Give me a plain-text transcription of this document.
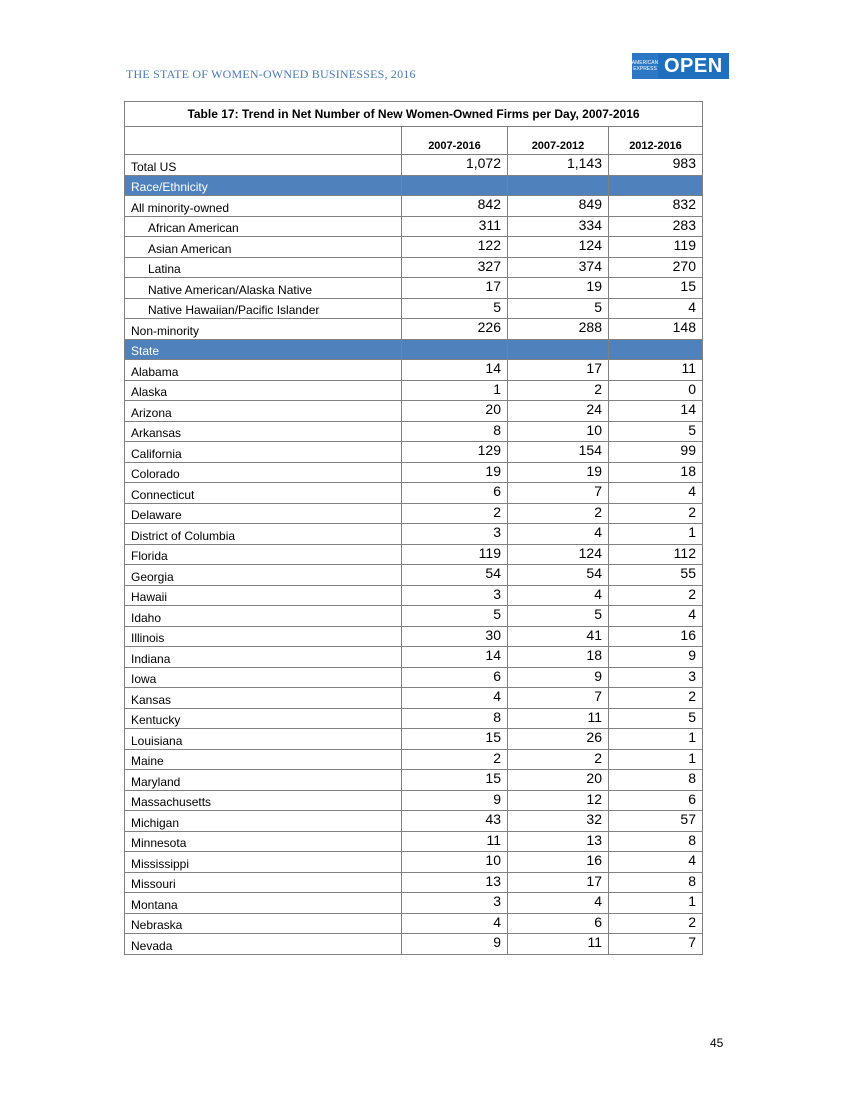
THE STATE OF WOMEN-OWNED BUSINESSES, 2016
AMERICAN
EXPRESS OPEN
Table 17: Trend in Net Number of New Women-Owned Firms per Day, 2007-2016			
	2007-2016	2007-2012	2012-2016
Total US	1,072	1,143	983
Race/Ethnicity			
All minority-owned	842	849	832
African American	311	334	283
Asian American	122	124	119
Latina	327	374	270
Native American/Alaska Native	17	19	15
Native Hawaiian/Pacific Islander	5	5	4
Non-minority	226	288	148
State			
Alabama	14	17	11
Alaska	1	2	0
Arizona	20	24	14
Arkansas	8	10	5
California	129	154	99
Colorado	19	19	18
Connecticut	6	7	4
Delaware	2	2	2
District of Columbia	3	4	1
Florida	119	124	112
Georgia	54	54	55
Hawaii	3	4	2
Idaho	5	5	4
Illinois	30	41	16
Indiana	14	18	9
Iowa	6	9	3
Kansas	4	7	2
Kentucky	8	11	5
Louisiana	15	26	1
Maine	2	2	1
Maryland	15	20	8
Massachusetts	9	12	6
Michigan	43	32	57
Minnesota	11	13	8
Mississippi	10	16	4
Missouri	13	17	8
Montana	3	4	1
Nebraska	4	6	2
Nevada	9	11	7
45
